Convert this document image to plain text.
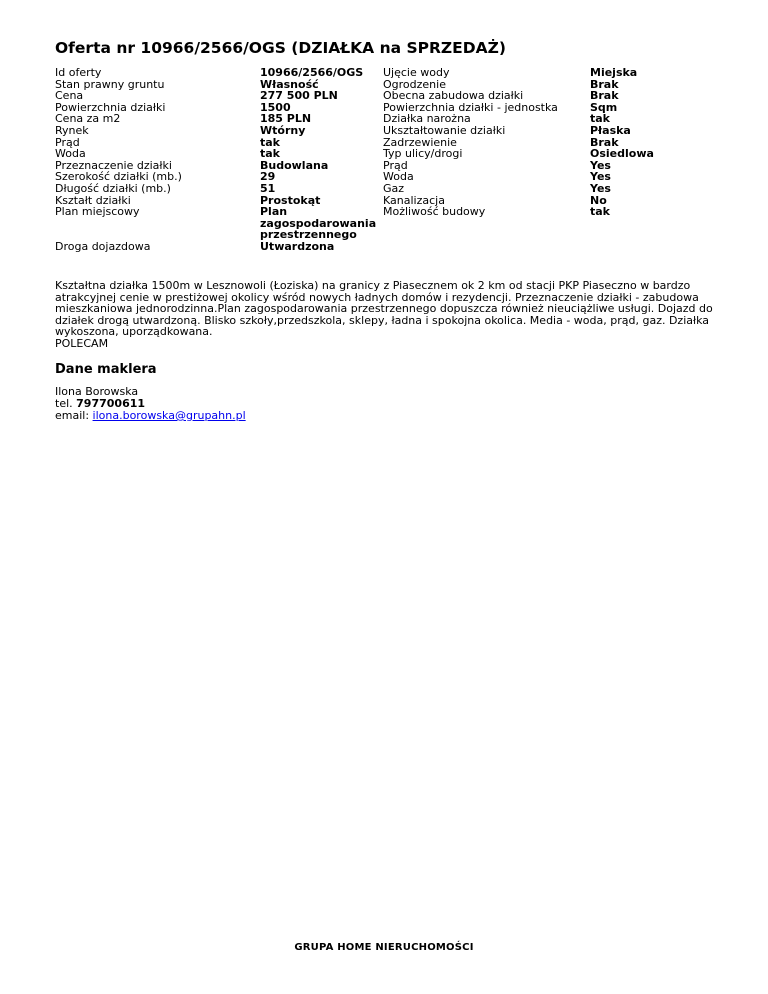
Oferta nr 10966/2566/OGS (DZIAŁKA na SPRZEDAŻ)
Id oferty
Stan prawny gruntu
Cena
Powierzchnia działki
Cena za m2
Rynek
Prąd
Woda
Przeznaczenie działki
Szerokość działki (mb.)
Długość działki (mb.)
Kształt działki
Plan miejscowy
Droga dojazdowa
10966/2566/OGS
Własność
277 500 PLN
1500
185 PLN
Wtórny
tak
tak
Budowlana
29
51
Prostokąt
Plan zagospodarowania przestrzennego
Utwardzona
Ujęcie wody
Ogrodzenie
Obecna zabudowa działki
Powierzchnia działki - jednostka
Działka narożna
Ukształtowanie działki
Zadrzewienie
Typ ulicy/drogi
Prąd
Woda
Gaz
Kanalizacja
Możliwość budowy
Miejska
Brak
Brak
Sqm
tak
Płaska
Brak
Osiedlowa
Yes
Yes
Yes
No
tak

Kształtna działka 1500m w Lesznowoli (Łoziska) na granicy z Piasecznem ok 2 km od stacji PKP Piaseczno w bardzo atrakcyjnej cenie w prestiżowej okolicy wśród nowych ładnych domów i rezydencji. Przeznaczenie działki - zabudowa mieszkaniowa jednorodzinna.Plan zagospodarowania przestrzennego dopuszcza również nieuciążliwe usługi. Dojazd do działek drogą utwardzoną. Blisko szkoły,przedszkola, sklepy, ładna i spokojna okolica. Media - woda, prąd, gaz. Działka wykoszona, uporządkowana.

POLECAM

Dane maklera
Ilona Borowska
tel. 797700611
email: ilona.borowska@grupahn.pl
GRUPA HOME NIERUCHOMOŚCI
